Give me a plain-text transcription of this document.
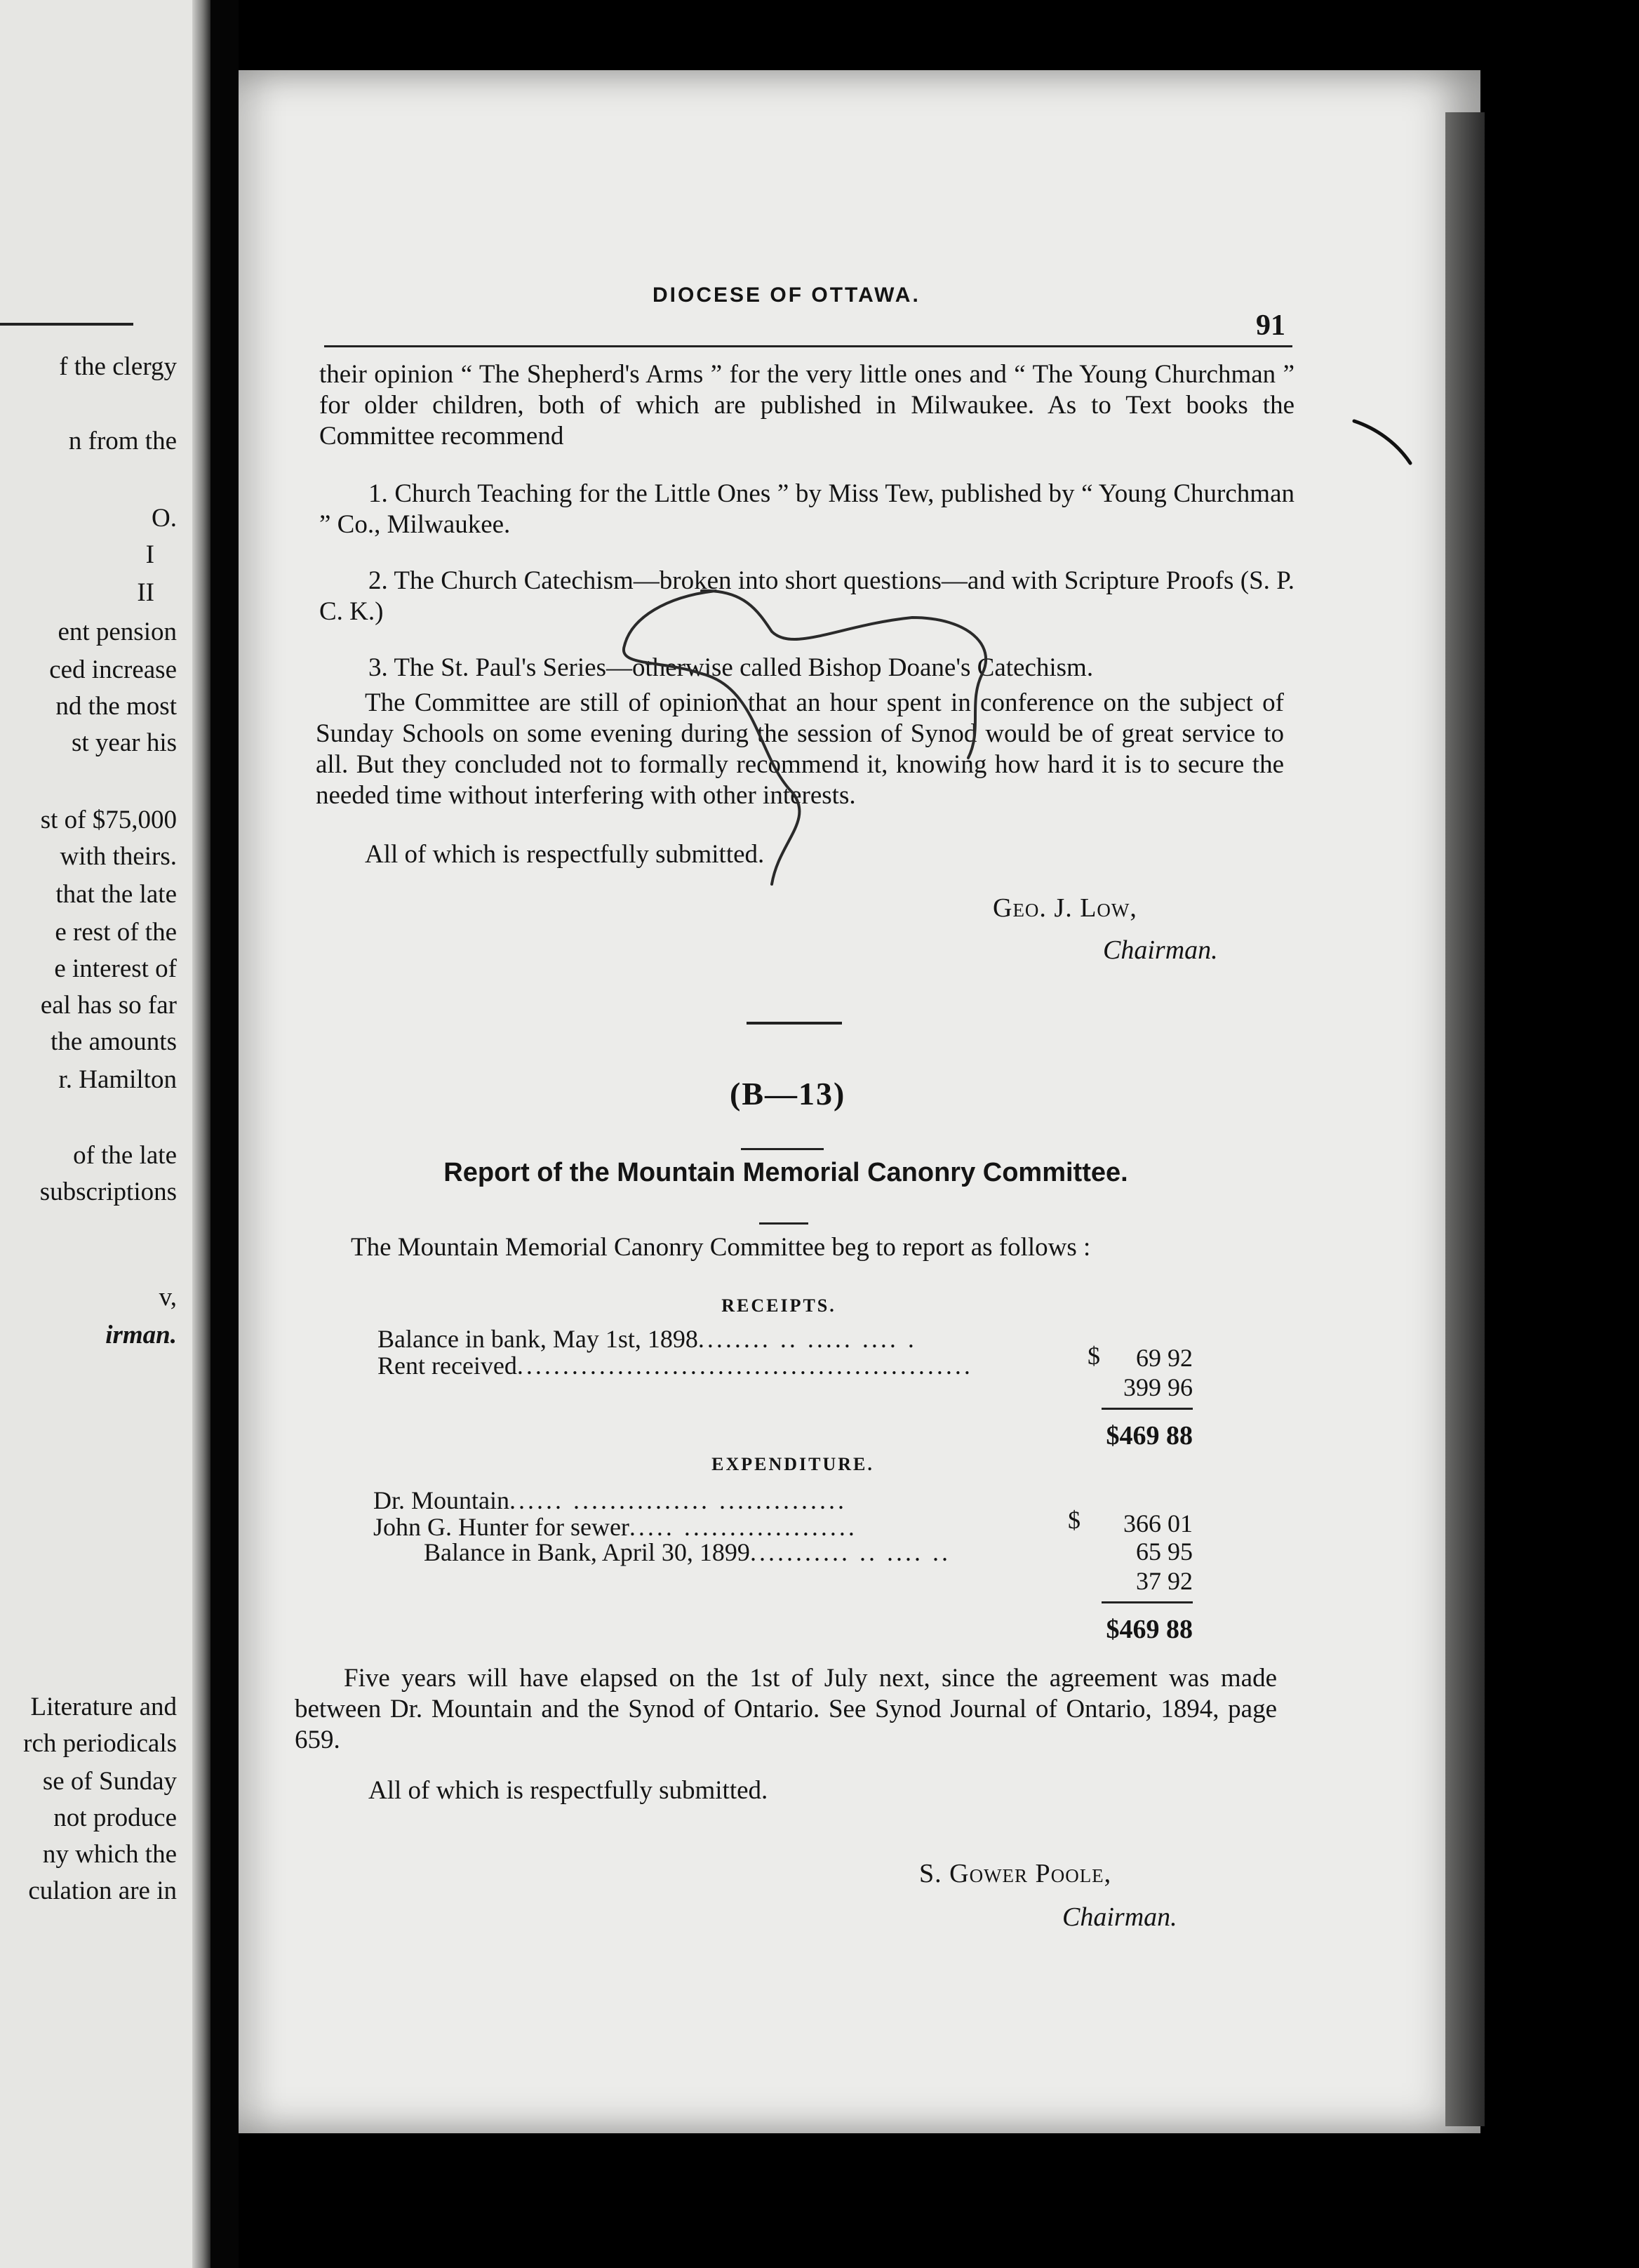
f the clergy
n from the
O.
I
II
ent pension
ced increase
nd the most
st year his
st of $75,000
with theirs.
that the late
e rest of the
e interest of
eal has so far
the amounts
r. Hamilton
of the late
subscriptions
v,
irman.
Literature and
rch periodicals
se of Sunday
not produce
ny which the
culation are in
DIOCESE OF OTTAWA.
91
their opinion “ The Shepherd's Arms ” for the very little ones and “ The Young Churchman ” for older children, both of which are published in Milwaukee. As to Text books the Committee recommend
1. Church Teaching for the Little Ones ” by Miss Tew, published by “ Young Churchman ” Co., Milwaukee.
2. The Church Catechism—broken into short questions—and with Scripture Proofs (S. P. C. K.)
3. The St. Paul's Series—otherwise called Bishop Doane's Catechism.
The Committee are still of opinion that an hour spent in conference on the subject of Sunday Schools on some evening during the session of Synod would be of great service to all. But they concluded not to formally recommend it, knowing how hard it is to secure the needed time without interfering with other interests.
All of which is respectfully submitted.
Geo. J. Low,
Chairman.
(B—13)
Report of the Mountain Memorial Canonry Committee.
The Mountain Memorial Canonry Committee beg to report as follows :
RECEIPTS.
Balance in bank, May 1st, 1898........ .. ..... .... .
$	69 92
Rent received..................................................
399 96
$469 88
EXPENDITURE.
Dr. Mountain...... ............... ..............
$	366 01
John G. Hunter for sewer..... ...................
65 95
Balance in Bank, April 30, 1899........... .. .... ..
37 92
$469 88
Five years will have elapsed on the 1st of July next, since the agreement was made between Dr. Mountain and the Synod of Ontario. See Synod Journal of Ontario, 1894, page 659.
All of which is respectfully submitted.
S. Gower Poole,
Chairman.
